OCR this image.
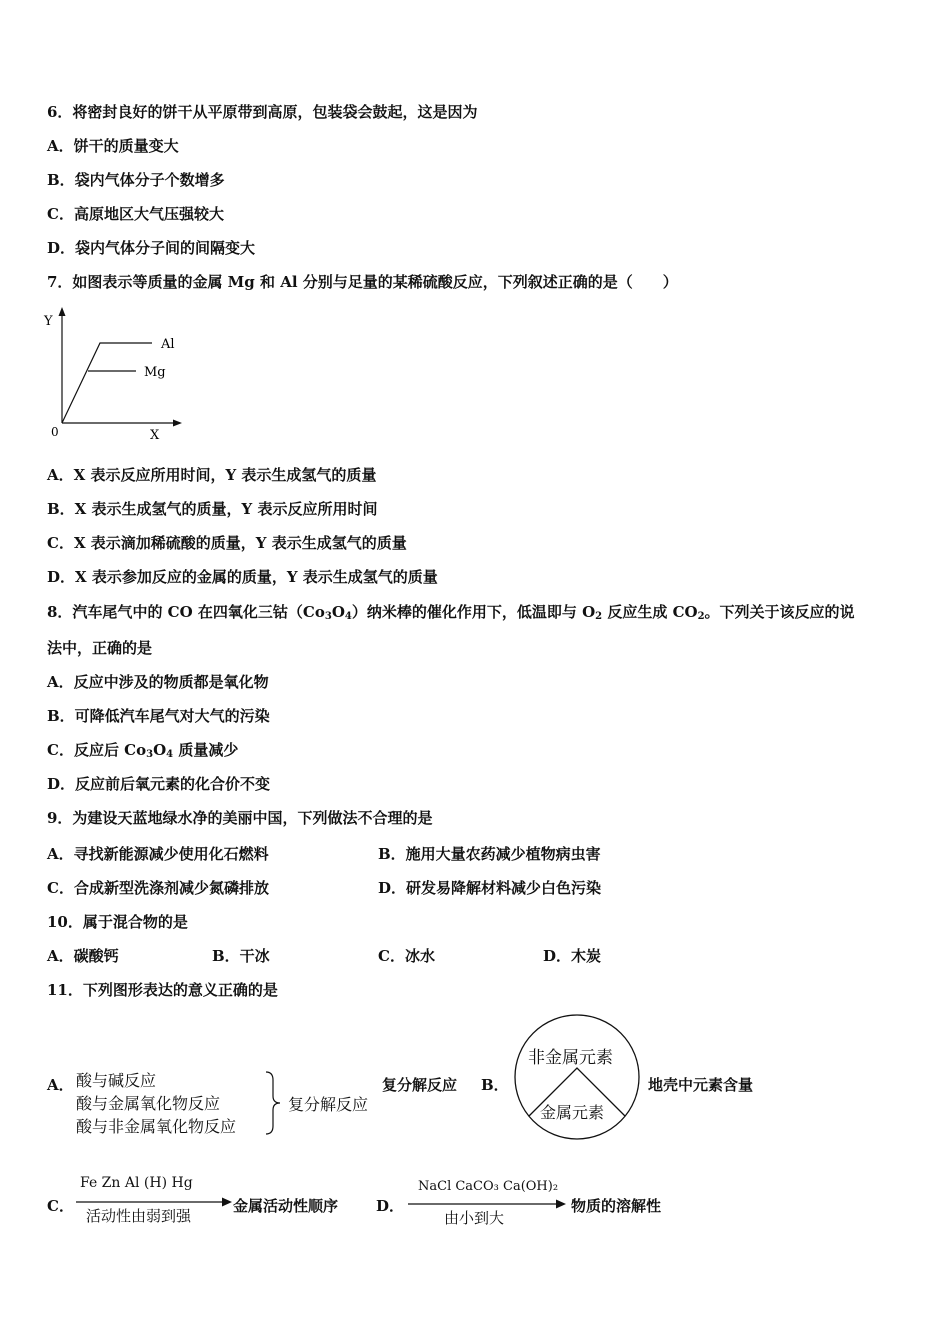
6．将密封良好的饼干从平原带到高原，包装袋会鼓起，这是因为
A．饼干的质量变大
B．袋内气体分子个数增多
C．高原地区大气压强较大
D．袋内气体分子间的间隔变大
7．如图表示等质量的金属 Mg 和 Al 分别与足量的某稀硫酸反应，下列叙述正确的是（　　）
Y
X
0
Al
Mg
A．X 表示反应所用时间，Y 表示生成氢气的质量
B．X 表示生成氢气的质量，Y 表示反应所用时间
C．X 表示滴加稀硫酸的质量，Y 表示生成氢气的质量
D．X 表示参加反应的金属的质量，Y 表示生成氢气的质量
8．汽车尾气中的 CO 在四氧化三钴$(Co_3O_4)$纳米棒的催化作用下，低温即与 $O_2$ 反应生成 $CO_2$。下列关于该反应的说
法中，正确的是
A．反应中涉及的物质都是氧化物
B．可降低汽车尾气对大气的污染
C．反应后 $Co_3O_4$ 质量减少
D．反应前后氧元素的化合价不变
9．为建设天蓝地绿水净的美丽中国，下列做法不合理的是
A．寻找新能源减少使用化石燃料	B．施用大量农药减少植物病虫害
C．合成新型洗涤剂减少氮磷排放	D．研发易降解材料减少白色污染
10．属于混合物的是
A．碳酸钙	B．干冰	C．冰水	D．木炭
11．下列图形表达的意义正确的是
A． 酸与碱反应
酸与金属氧化物反应
酸与非金属氧化物反应
复分解反应
复分解反应 B．
非金属元素
金属元素
地壳中元素含量
C．
Fe Zn Al (H) Hg
活动性由弱到强
金属活动性顺序	D．
NaCl CaCO₃ Ca(OH)₂
由小到大
物质的溶解性
